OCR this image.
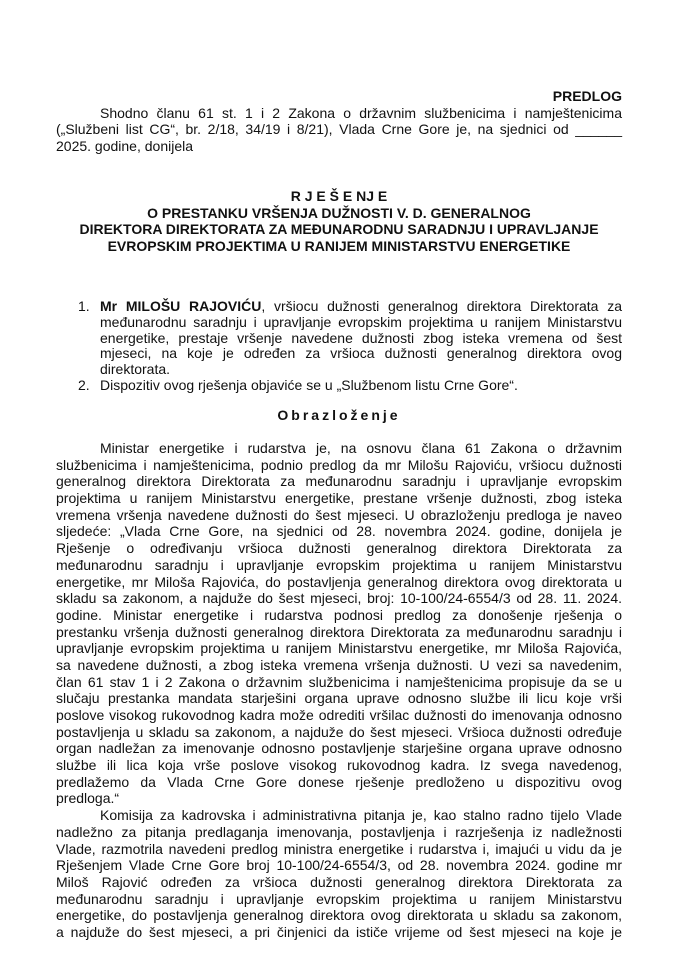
PREDLOG
Shodno članu 61 st. 1 i 2 Zakona o državnim službenicima i namještenicima
(„Službeni list CG“, br. 2/18, 34/19 i 8/21), Vlada Crne Gore je, na sjednici od ______
2025. godine, donijela
R J E Š E NJ E
O PRESTANKU VRŠENJA DUŽNOSTI V. D. GENERALNOG
DIREKTORA DIREKTORATA ZA MEĐUNARODNU SARADNJU I UPRAVLJANJE
EVROPSKIM PROJEKTIMA U RANIJEM MINISTARSTVU ENERGETIKE
1. Mr MILOŠU RAJOVIĆU, vršiocu dužnosti generalnog direktora Direktorata za
međunarodnu saradnju i upravljanje evropskim projektima u ranijem Ministarstvu
energetike, prestaje vršenje navedene dužnosti zbog isteka vremena od šest
mjeseci, na koje je određen za vršioca dužnosti generalnog direktora ovog
direktorata.
2. Dispozitiv ovog rješenja objaviće se u „Službenom listu Crne Gore“.
Obrazloženje
Ministar energetike i rudarstva je, na osnovu člana 61 Zakona o državnim
službenicima i namještenicima, podnio predlog da mr Milošu Rajoviću, vršiocu dužnosti
generalnog direktora Direktorata za međunarodnu saradnju i upravljanje evropskim
projektima u ranijem Ministarstvu energetike, prestane vršenje dužnosti, zbog isteka
vremena vršenja navedene dužnosti do šest mjeseci. U obrazloženju predloga je naveo
sljedeće: „Vlada Crne Gore, na sjednici od 28. novembra 2024. godine, donijela je
Rješenje o određivanju vršioca dužnosti generalnog direktora Direktorata za
međunarodnu saradnju i upravljanje evropskim projektima u ranijem Ministarstvu
energetike, mr Miloša Rajovića, do postavljenja generalnog direktora ovog direktorata u
skladu sa zakonom, a najduže do šest mjeseci, broj: 10-100/24-6554/3 od 28. 11. 2024.
godine. Ministar energetike i rudarstva podnosi predlog za donošenje rješenja o
prestanku vršenja dužnosti generalnog direktora Direktorata za međunarodnu saradnju i
upravljanje evropskim projektima u ranijem Ministarstvu energetike, mr Miloša Rajovića,
sa navedene dužnosti, a zbog isteka vremena vršenja dužnosti. U vezi sa navedenim,
član 61 stav 1 i 2 Zakona o državnim službenicima i namještenicima propisuje da se u
slučaju prestanka mandata starješini organa uprave odnosno službe ili licu koje vrši
poslove visokog rukovodnog kadra može odrediti vršilac dužnosti do imenovanja odnosno
postavljenja u skladu sa zakonom, a najduže do šest mjeseci. Vršioca dužnosti određuje
organ nadležan za imenovanje odnosno postavljenje starješine organa uprave odnosno
službe ili lica koja vrše poslove visokog rukovodnog kadra. Iz svega navedenog,
predlažemo da Vlada Crne Gore donese rješenje predloženo u dispozitivu ovog
predloga.“
Komisija za kadrovska i administrativna pitanja je, kao stalno radno tijelo Vlade
nadležno za pitanja predlaganja imenovanja, postavljenja i razrješenja iz nadležnosti
Vlade, razmotrila navedeni predlog ministra energetike i rudarstva i, imajući u vidu da je
Rješenjem Vlade Crne Gore broj 10-100/24-6554/3, od 28. novembra 2024. godine mr
Miloš Rajović određen za vršioca dužnosti generalnog direktora Direktorata za
međunarodnu saradnju i upravljanje evropskim projektima u ranijem Ministarstvu
energetike, do postavljenja generalnog direktora ovog direktorata u skladu sa zakonom,
a najduže do šest mjeseci, a pri činjenici da ističe vrijeme od šest mjeseci na koje je
